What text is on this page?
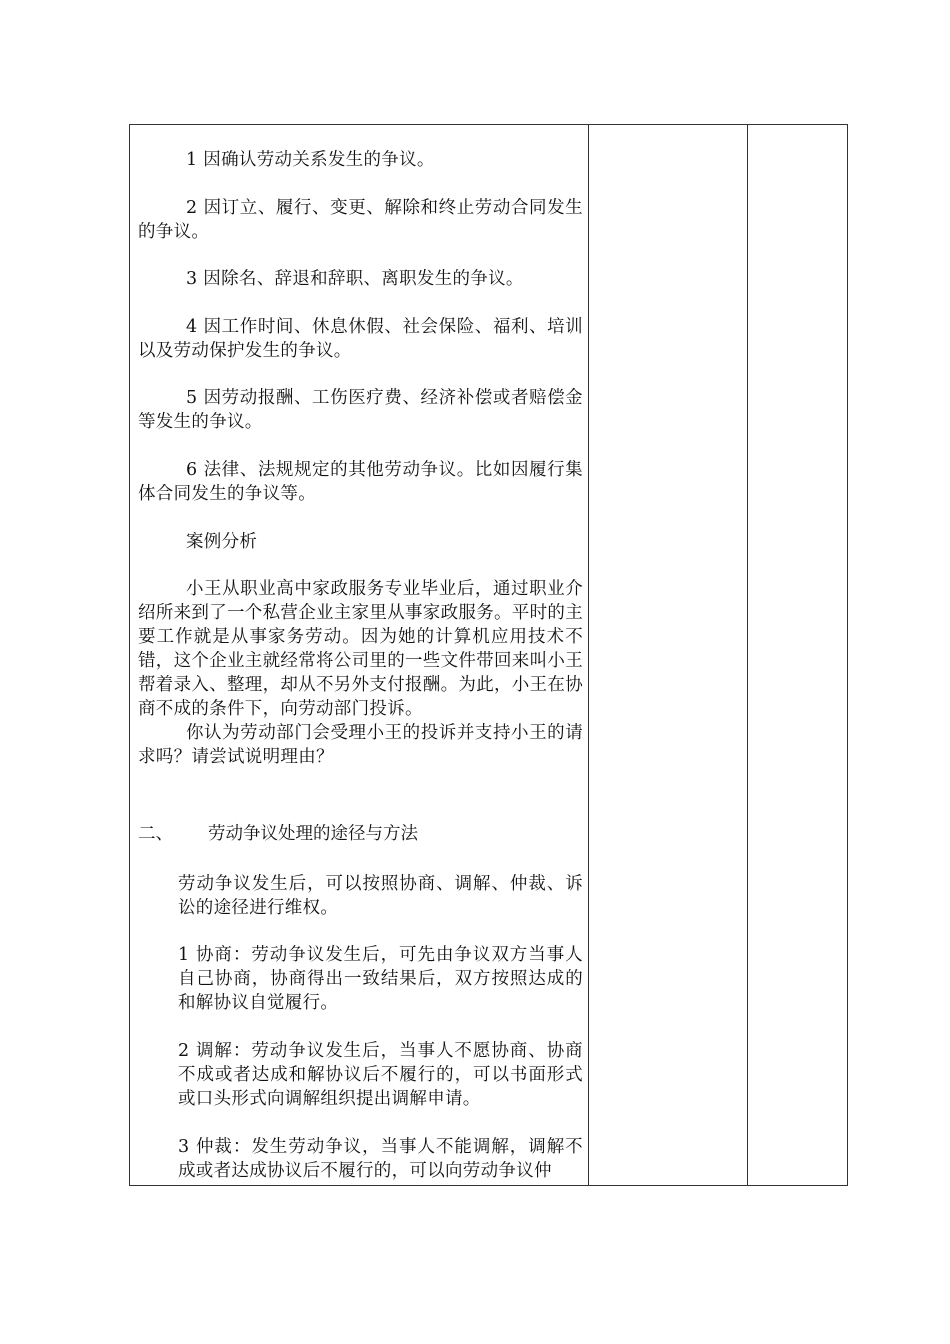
1 因确认劳动关系发生的争议。
2 因订立、履行、变更、解除和终止劳动合同发生的争议。
3 因除名、辞退和辞职、离职发生的争议。
4 因工作时间、休息休假、社会保险、福利、培训以及劳动保护发生的争议。
5 因劳动报酬、工伤医疗费、经济补偿或者赔偿金等发生的争议。
6 法律、法规规定的其他劳动争议。比如因履行集体合同发生的争议等。
案例分析
小王从职业高中家政服务专业毕业后，通过职业介绍所来到了一个私营企业主家里从事家政服务。平时的主要工作就是从事家务劳动。因为她的计算机应用技术不错，这个企业主就经常将公司里的一些文件带回来叫小王帮着录入、整理，却从不另外支付报酬。为此，小王在协商不成的条件下，向劳动部门投诉。
你认为劳动部门会受理小王的投诉并支持小王的请求吗？请尝试说明理由？
二、 劳动争议处理的途径与方法
劳动争议发生后，可以按照协商、调解、仲裁、诉讼的途径进行维权。
1 协商：劳动争议发生后，可先由争议双方当事人自己协商，协商得出一致结果后，双方按照达成的和解协议自觉履行。
2 调解：劳动争议发生后，当事人不愿协商、协商不成或者达成和解协议后不履行的，可以书面形式或口头形式向调解组织提出调解申请。
3 仲裁：发生劳动争议，当事人不能调解，调解不成或者达成协议后不履行的，可以向劳动争议仲
